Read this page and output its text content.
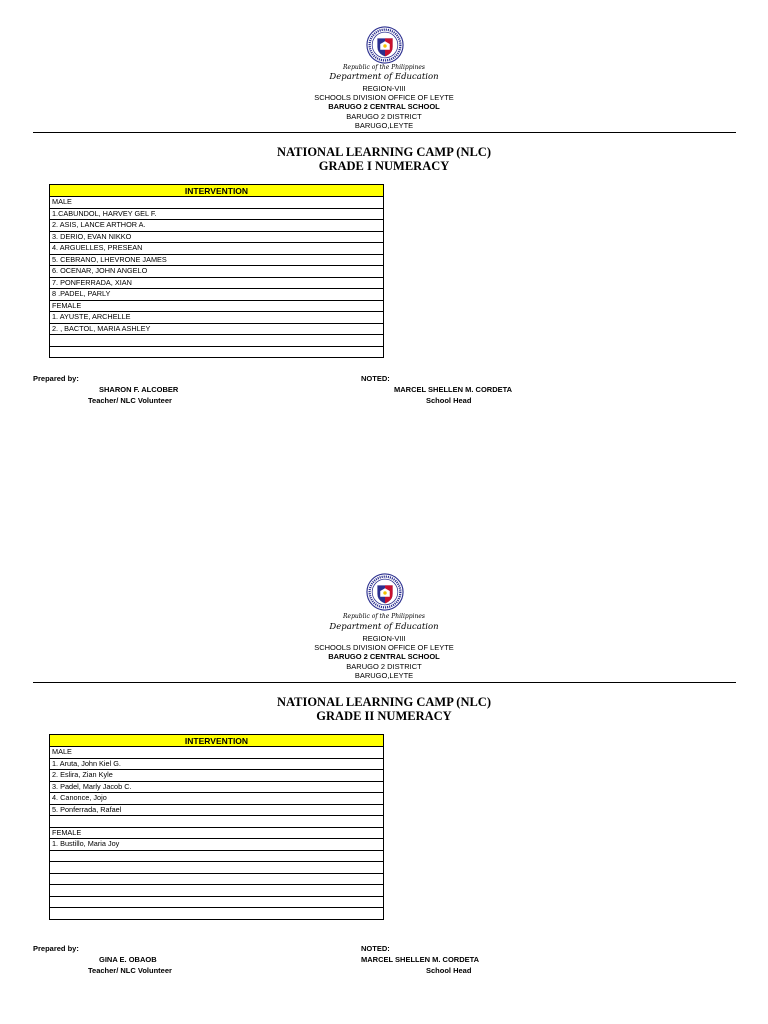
Republic of the Philippines
Department of Education
REGION-VIII
SCHOOLS DIVISION OFFICE OF LEYTE
BARUGO 2 CENTRAL SCHOOL
BARUGO 2 DISTRICT
BARUGO,LEYTE
NATIONAL LEARNING CAMP (NLC)
GRADE I NUMERACY
INTERVENTION
MALE
1.CABUNDOL, HARVEY GEL F.
2. ASIS, LANCE ARTHOR A.
3. DERIO, EVAN NIKKO
4. ARGUELLES, PRESEAN
5. CEBRANO, LHEVRONE JAMES
6. OCENAR, JOHN ANGELO
7. PONFERRADA, XIAN
8 .PADEL, PARLY
FEMALE
1. AYUSTE, ARCHELLE
2. , BACTOL, MARIA ASHLEY

Prepared by:
SHARON F. ALCOBER
Teacher/ NLC Volunteer
NOTED:
MARCEL SHELLEN M. CORDETA
School Head
Republic of the Philippines
Department of Education
REGION-VIII
SCHOOLS DIVISION OFFICE OF LEYTE
BARUGO 2 CENTRAL SCHOOL
BARUGO 2 DISTRICT
BARUGO,LEYTE
NATIONAL LEARNING CAMP (NLC)
GRADE II NUMERACY
INTERVENTION
MALE
1. Aruta, John Kiel G.
2. Eslira, Zian Kyle
3. Padel, Marly Jacob C.
4. Canonce, Jojo
5. Ponferrada, Rafael

FEMALE
1. Bustillo, Maria Joy

Prepared by:
GINA E. OBAOB
Teacher/ NLC Volunteer
NOTED:
MARCEL SHELLEN M. CORDETA
School Head
